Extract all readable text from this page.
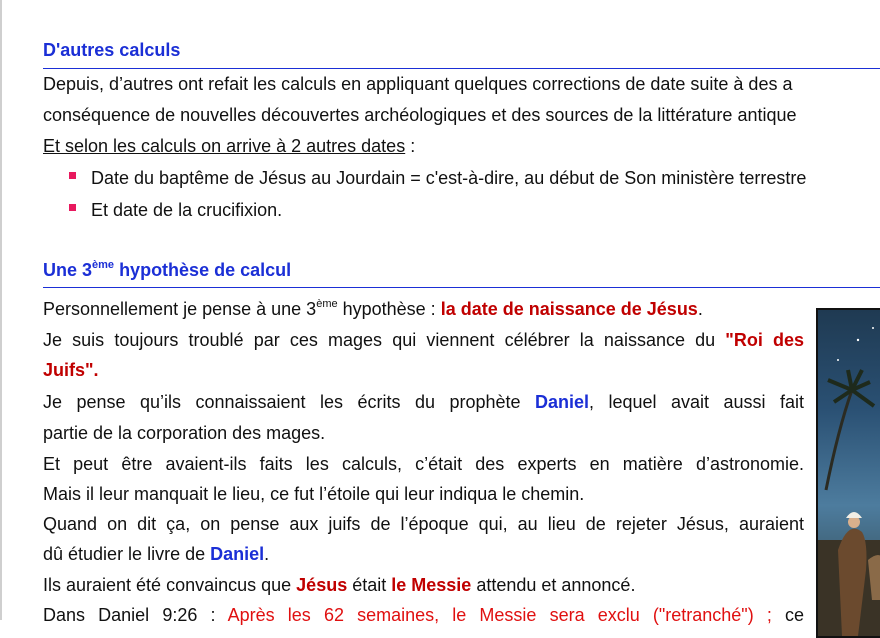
D'autres calculs
Depuis, d’autres ont refait les calculs en appliquant quelques corrections de date suite à des a
conséquence de nouvelles découvertes archéologiques et des sources de la littérature antique
Et selon les calculs on arrive à 2 autres dates :
Date du baptême de Jésus au Jourdain = c'est-à-dire, au début de Son ministère terrestre
Et date de la crucifixion.
Une 3ème hypothèse de calcul
Personnellement je pense à une 3ème hypothèse : la date de naissance de Jésus.
Je suis toujours troublé par ces mages qui viennent célébrer la naissance du "Roi des
Juifs".
Je pense qu’ils connaissaient les écrits du prophète Daniel, lequel avait aussi fait
partie de la corporation des mages.
Et peut être avaient-ils faits les calculs, c’était des experts en matière d’astronomie.
Mais il leur manquait le lieu, ce fut l’étoile qui leur indiqua le chemin.
Quand on dit ça, on pense aux juifs de l’époque qui, au lieu de rejeter Jésus, auraient
dû étudier le livre de Daniel.
Ils auraient été convaincus que Jésus était le Messie attendu et annoncé.
Dans Daniel 9:26 : Après les 62 semaines, le Messie sera exclu ("retranché") ; ce
